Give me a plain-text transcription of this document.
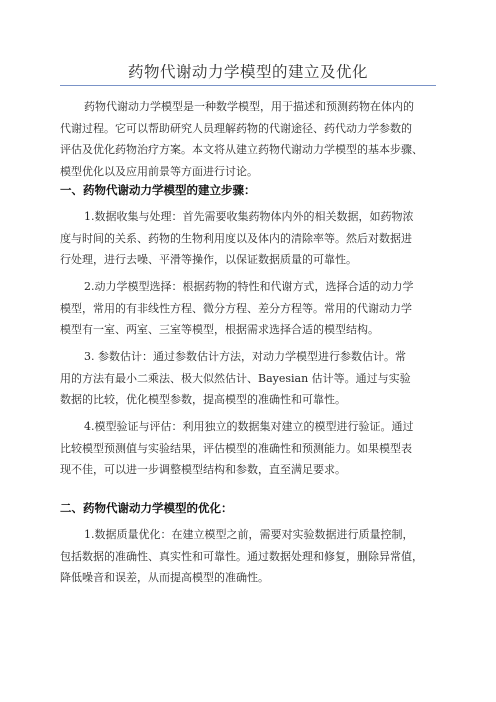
药物代谢动力学模型的建立及优化
药物代谢动力学模型是一种数学模型，用于描述和预测药物在体内的
代谢过程。它可以帮助研究人员理解药物的代谢途径、药代动力学参数的
评估及优化药物治疗方案。本文将从建立药物代谢动力学模型的基本步骤、
模型优化以及应用前景等方面进行讨论。
一、药物代谢动力学模型的建立步骤：
1.数据收集与处理：首先需要收集药物体内外的相关数据，如药物浓
度与时间的关系、药物的生物利用度以及体内的清除率等。然后对数据进
行处理，进行去噪、平滑等操作，以保证数据质量的可靠性。
2.动力学模型选择：根据药物的特性和代谢方式，选择合适的动力学
模型，常用的有非线性方程、微分方程、差分方程等。常用的代谢动力学
模型有一室、两室、三室等模型，根据需求选择合适的模型结构。
3. 参数估计：通过参数估计方法，对动力学模型进行参数估计。常
用的方法有最小二乘法、极大似然估计、Bayesian 估计等。通过与实验
数据的比较，优化模型参数，提高模型的准确性和可靠性。
4.模型验证与评估：利用独立的数据集对建立的模型进行验证。通过
比较模型预测值与实验结果，评估模型的准确性和预测能力。如果模型表
现不佳，可以进一步调整模型结构和参数，直至满足要求。
二、药物代谢动力学模型的优化：
1.数据质量优化：在建立模型之前，需要对实验数据进行质量控制，
包括数据的准确性、真实性和可靠性。通过数据处理和修复，删除异常值，
降低噪音和误差，从而提高模型的准确性。
